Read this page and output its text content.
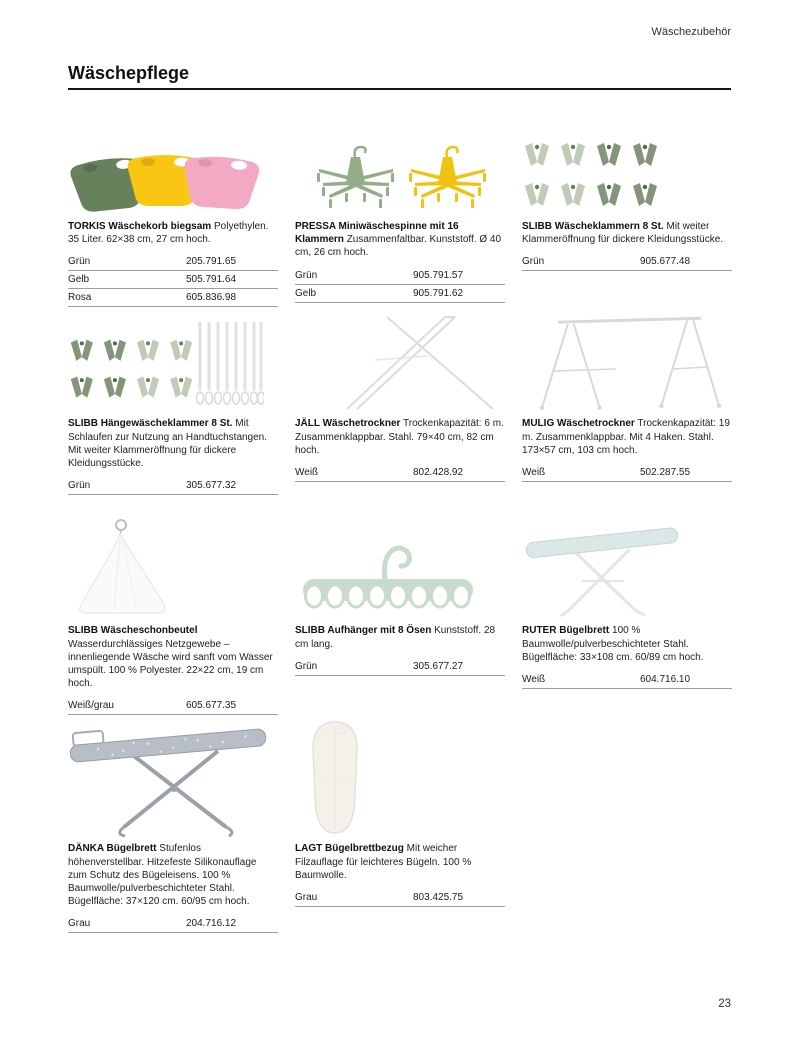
Wäschezubehör
Wäschepflege

TORKIS Wäschekorb biegsam Polyethylen. 35 Liter. 62×38 cm, 27 cm hoch.

Grün	205.791.65
Gelb	505.791.64
Rosa	605.836.98

PRESSA Miniwäschespinne mit 16 Klammern Zusammenfaltbar. Kunststoff. Ø 40 cm, 26 cm hoch.

Grün	905.791.57
Gelb	905.791.62

SLIBB Wäscheklammern 8 St. Mit weiter Klammeröffnung für dickere Kleidungsstücke.

Grün	905.677.48

SLIBB Hängewäscheklammer 8 St. Mit Schlaufen zur Nutzung an Handtuchstangen. Mit weiter Klammeröffnung für dickere Kleidungsstücke.

Grün	305.677.32

JÄLL Wäschetrockner Trockenkapazität: 6 m. Zusammenklappbar. Stahl. 79×40 cm, 82 cm hoch.

Weiß	802.428.92

MULIG Wäschetrockner Trockenkapazität: 19 m. Zusammenklappbar. Mit 4 Haken. Stahl. 173×57 cm, 103 cm hoch.

Weiß	502.287.55

SLIBB Wäscheschonbeutel Wasserdurchlässiges Netzgewebe – innenliegende Wäsche wird sanft vom Wasser umspült. 100 % Polyester. 22×22 cm, 19 cm hoch.

Weiß/grau	605.677.35

SLIBB Aufhänger mit 8 Ösen Kunststoff. 28 cm lang.

Grün	305.677.27

RUTER Bügelbrett 100 % Baumwolle/pulverbeschichteter Stahl. Bügelfläche: 33×108 cm. 60/89 cm hoch.

Weiß	604.716.10

DÄNKA Bügelbrett Stufenlos höhenverstellbar. Hitzefeste Silikonauflage zum Schutz des Bügeleisens. 100 % Baumwolle/pulverbeschichteter Stahl. Bügelfläche: 37×120 cm. 60/95 cm hoch.

Grau	204.716.12

LAGT Bügelbrettbezug Mit weicher Filzauflage für leichteres Bügeln. 100 % Baumwolle.

Grau	803.425.75
23
